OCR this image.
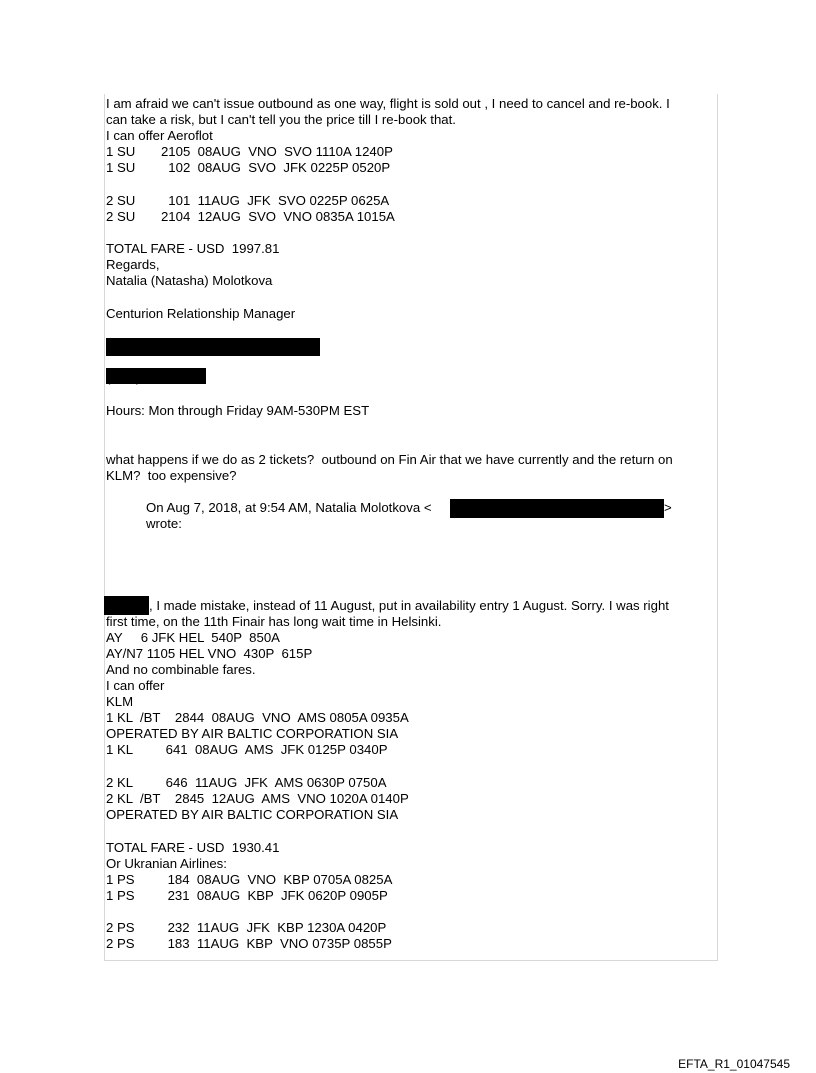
I am afraid we can't issue outbound as one way, flight is sold out , I need to cancel and re-book. I
can take a risk, but I can't tell you the price till I re-book that.
I can offer Aeroflot
1 SU       2105  08AUG  VNO  SVO 1110A 1240P
1 SU         102  08AUG  SVO  JFK 0225P 0520P
2 SU         101  11AUG  JFK  SVO 0225P 0625A
2 SU       2104  12AUG  SVO  VNO 0835A 1015A
TOTAL FARE - USD  1997.81
Regards,
Natalia (Natasha) Molotkova
Centurion Relationship Manager
Hours: Mon through Friday 9AM-530PM EST
what happens if we do as 2 tickets?  outbound on Fin Air that we have currently and the return on
KLM?  too expensive?
On Aug 7, 2018, at 9:54 AM, Natalia Molotkova <	>
wrote:
, I made mistake, instead of 11 August, put in availability entry 1 August. Sorry. I was right
first time, on the 11th Finair has long wait time in Helsinki.
AY     6 JFK HEL  540P  850A
AY/N7 1105 HEL VNO  430P  615P
And no combinable fares.
I can offer
KLM
1 KL  /BT    2844  08AUG  VNO  AMS 0805A 0935A
OPERATED BY AIR BALTIC CORPORATION SIA
1 KL         641  08AUG  AMS  JFK 0125P 0340P
2 KL         646  11AUG  JFK  AMS 0630P 0750A
2 KL  /BT    2845  12AUG  AMS  VNO 1020A 0140P
OPERATED BY AIR BALTIC CORPORATION SIA
TOTAL FARE - USD  1930.41
Or Ukranian Airlines:
1 PS         184  08AUG  VNO  KBP 0705A 0825A
1 PS         231  08AUG  KBP  JFK 0620P 0905P
2 PS         232  11AUG  JFK  KBP 1230A 0420P
2 PS         183  11AUG  KBP  VNO 0735P 0855P
EFTA_R1_01047545
